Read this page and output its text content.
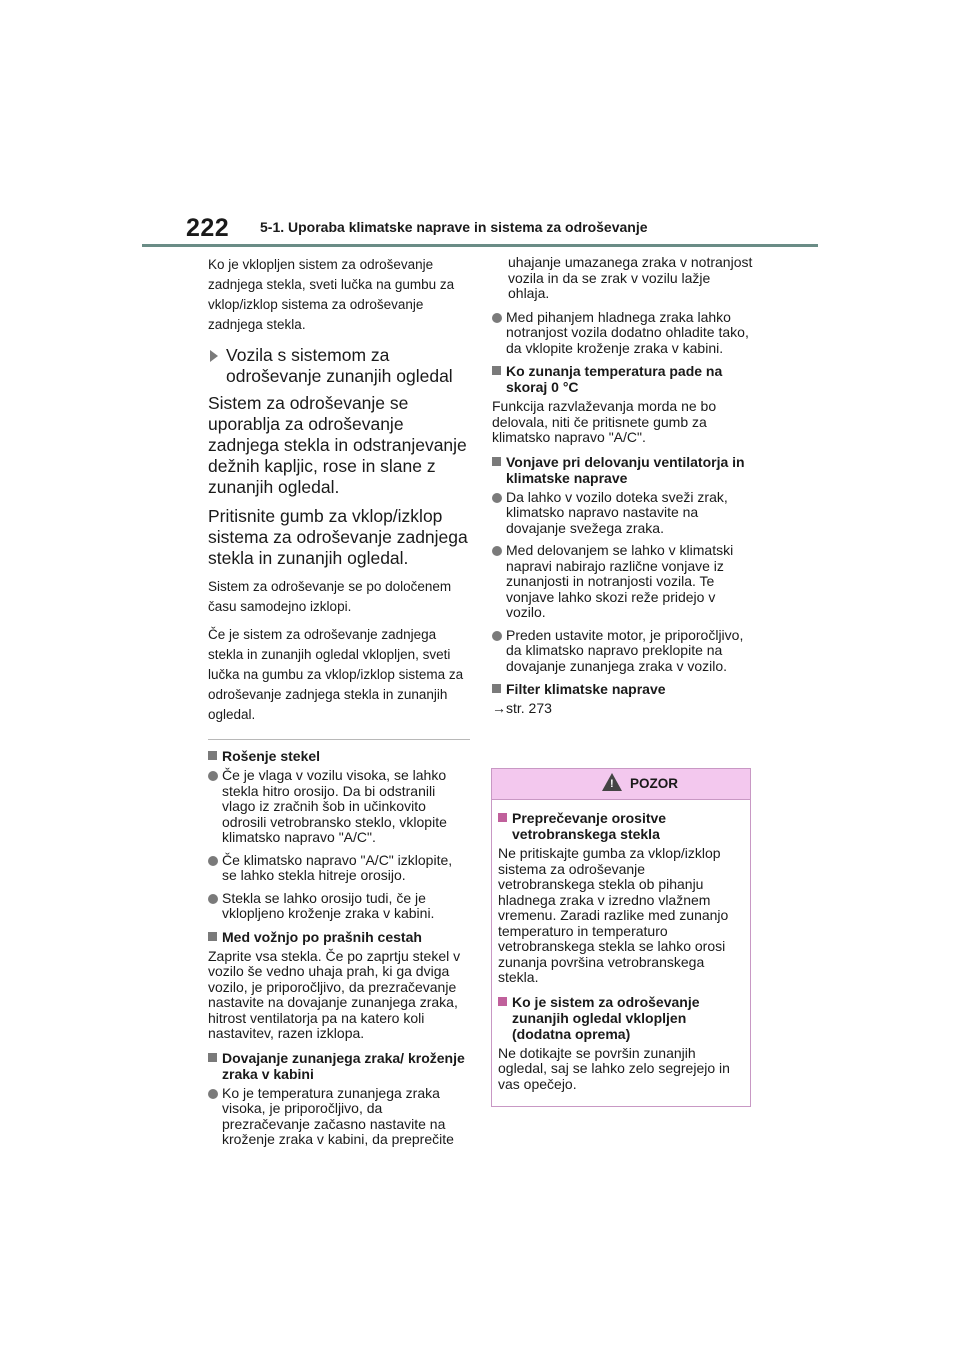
222 5-1. Uporaba klimatske naprave in sistema za odroševanje

Ko je vklopljen sistem za odroševanje zadnjega stekla, sveti lučka na gumbu za vklop/izklop sistema za odroševanje zadnjega stekla.

Vozila s sistemom za odroševanje zunanjih ogledal

Sistem za odroševanje se uporablja za odroševanje zadnjega stekla in odstranjevanje dežnih kapljic, rose in slane z zunanjih ogledal.

Pritisnite gumb za vklop/izklop sistema za odroševanje zadnjega stekla in zunanjih ogledal.

Sistem za odroševanje se po določenem času samodejno izklopi.

Če je sistem za odroševanje zadnjega stekla in zunanjih ogledal vklopljen, sveti lučka na gumbu za vklop/izklop sistema za odroševanje zadnjega stekla in zunanjih ogledal.

Rošenje stekel
Če je vlaga v vozilu visoka, se lahko stekla hitro orosijo. Da bi odstranili vlago iz zračnih šob in učinkovito odrosili vetrobransko steklo, vklopite klimatsko napravo "A/C".
Če klimatsko napravo "A/C" izklopite, se lahko stekla hitreje orosijo.
Stekla se lahko orosijo tudi, če je vklopljeno kroženje zraka v kabini.
Med vožnjo po prašnih cestah

Zaprite vsa stekla. Če po zaprtju stekel v vozilo še vedno uhaja prah, ki ga dviga vozilo, je priporočljivo, da prezračevanje nastavite na dovajanje zunanjega zraka, hitrost ventilatorja pa na katero koli nastavitev, razen izklopa.

Dovajanje zunanjega zraka/ kroženje zraka v kabini
Ko je temperatura zunanjega zraka visoka, je priporočljivo, da prezračevanje začasno nastavite na kroženje zraka v kabini, da preprečite

uhajanje umazanega zraka v notranjost vozila in da se zrak v vozilu lažje ohlaja.

Med pihanjem hladnega zraka lahko notranjost vozila dodatno ohladite tako, da vklopite kroženje zraka v kabini.
Ko zunanja temperatura pade na skoraj 0 °C

Funkcija razvlaževanja morda ne bo delovala, niti če pritisnete gumb za klimatsko napravo "A/C".

Vonjave pri delovanju ventilatorja in klimatske naprave
Da lahko v vozilo doteka sveži zrak, klimatsko napravo nastavite na dovajanje svežega zraka.
Med delovanjem se lahko v klimatski napravi nabirajo različne vonjave iz zunanjosti in notranjosti vozila. Te vonjave lahko skozi reže pridejo v vozilo.
Preden ustavite motor, je priporočljivo, da klimatsko napravo preklopite na dovajanje zunanjega zraka v vozilo.
Filter klimatske naprave

→str. 273

! POZOR
Preprečevanje orositve vetrobranskega stekla

Ne pritiskajte gumba za vklop/izklop sistema za odroševanje vetrobranskega stekla ob pihanju hladnega zraka v izredno vlažnem vremenu. Zaradi razlike med zunanjo temperaturo in temperaturo vetrobranskega stekla se lahko orosi zunanja površina vetrobranskega stekla.

Ko je sistem za odroševanje zunanjih ogledal vklopljen (dodatna oprema)

Ne dotikajte se površin zunanjih ogledal, saj se lahko zelo segrejejo in vas opečejo.
